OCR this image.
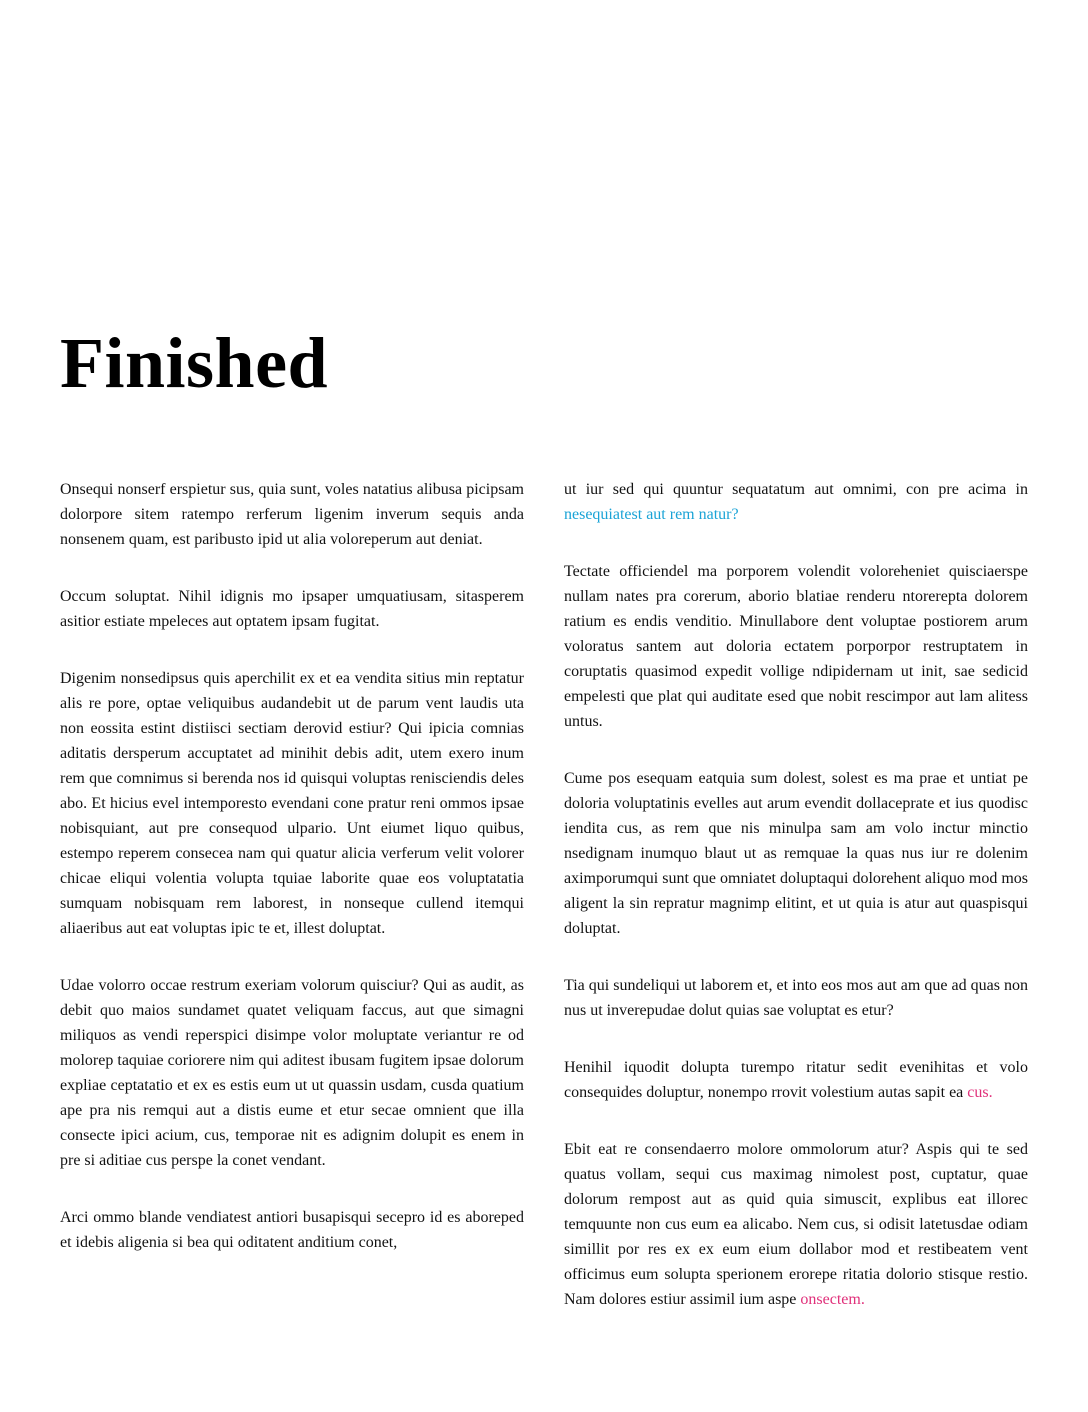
Finished

Onsequi nonserf erspietur sus, quia sunt, voles natatius alibusa picipsam dolorpore sitem ratempo rerferum ligenim inverum sequis anda nonsenem quam, est paribusto ipid ut alia voloreperum aut deniat.

Occum soluptat. Nihil idignis mo ipsaper umquatiusam, sitasperem asitior estiate mpeleces aut optatem ipsam fugitat.

Digenim nonsedipsus quis aperchilit ex et ea vendita sitius min reptatur alis re pore, optae veliquibus audandebit ut de parum vent laudis uta non eossita estint distiisci sectiam derovid estiur? Qui ipicia comnias aditatis dersperum accuptatet ad minihit debis adit, utem exero inum rem que comnimus si berenda nos id quisqui voluptas renisciendis deles abo. Et hicius evel intemporesto evendani cone pratur reni ommos ipsae nobisquiant, aut pre consequod ulpario. Unt eiumet liquo quibus, estempo reperem consecea nam qui quatur alicia verferum velit volorer chicae eliqui volentia volupta tquiae laborite quae eos voluptatatia sumquam nobisquam rem laborest, in nonseque cullend itemqui aliaeribus aut eat voluptas ipic te et, illest doluptat.

Udae volorro occae restrum exeriam volorum quisciur? Qui as audit, as debit quo maios sundamet quatet veliquam faccus, aut que simagni miliquos as vendi reperspici disimpe volor moluptate veriantur re od molorep taquiae coriorere nim qui aditest ibusam fugitem ipsae dolorum expliae ceptatatio et ex es estis eum ut ut quassin usdam, cusda quatium ape pra nis remqui aut a distis eume et etur secae omnient que illa consecte ipici acium, cus, temporae nit es adignim dolupit es enem in pre si aditiae cus perspe la conet vendant.

Arci ommo blande vendiatest antiori busapisqui secepro id es aboreped et idebis aligenia si bea qui oditatent anditium conet,

ut iur sed qui quuntur sequatatum aut omnimi, con pre acima in nesequiatest aut rem natur?

Tectate officiendel ma porporem volendit voloreheniet quisciaerspe nullam nates pra corerum, aborio blatiae renderu ntorerepta dolorem ratium es endis venditio. Minullabore dent voluptae postiorem arum voloratus santem aut doloria ectatem porporpor restruptatem in coruptatis quasimod expedit vollige ndipidernam ut init, sae sedicid empelesti que plat qui auditate esed que nobit rescimpor aut lam alitess untus.

Cume pos esequam eatquia sum dolest, solest es ma prae et untiat pe doloria voluptatinis evelles aut arum evendit dollaceprate et ius quodisc iendita cus, as rem que nis minulpa sam am volo inctur minctio nsedignam inumquo blaut ut as remquae la quas nus iur re dolenim aximporumqui sunt que omniatet doluptaqui dolorehent aliquo mod mos aligent la sin repratur magnimp elitint, et ut quia is atur aut quaspisqui doluptat.

Tia qui sundeliqui ut laborem et, et into eos mos aut am que ad quas non nus ut inverepudae dolut quias sae voluptat es etur?

Henihil iquodit dolupta turempo ritatur sedit evenihitas et volo consequides doluptur, nonempo rrovit volestium autas sapit ea cus.

Ebit eat re consendaerro molore ommolorum atur? Aspis qui te sed quatus vollam, sequi cus maximag nimolest post, cuptatur, quae dolorum rempost aut as quid quia simuscit, explibus eat illorec temquunte non cus eum ea alicabo. Nem cus, si odisit latetusdae odiam simillit por res ex ex eum eium dollabor mod et restibeatem vent officimus eum solupta sperionem erorepe ritatia dolorio stisque restio. Nam dolores estiur assimil ium aspe onsectem.
